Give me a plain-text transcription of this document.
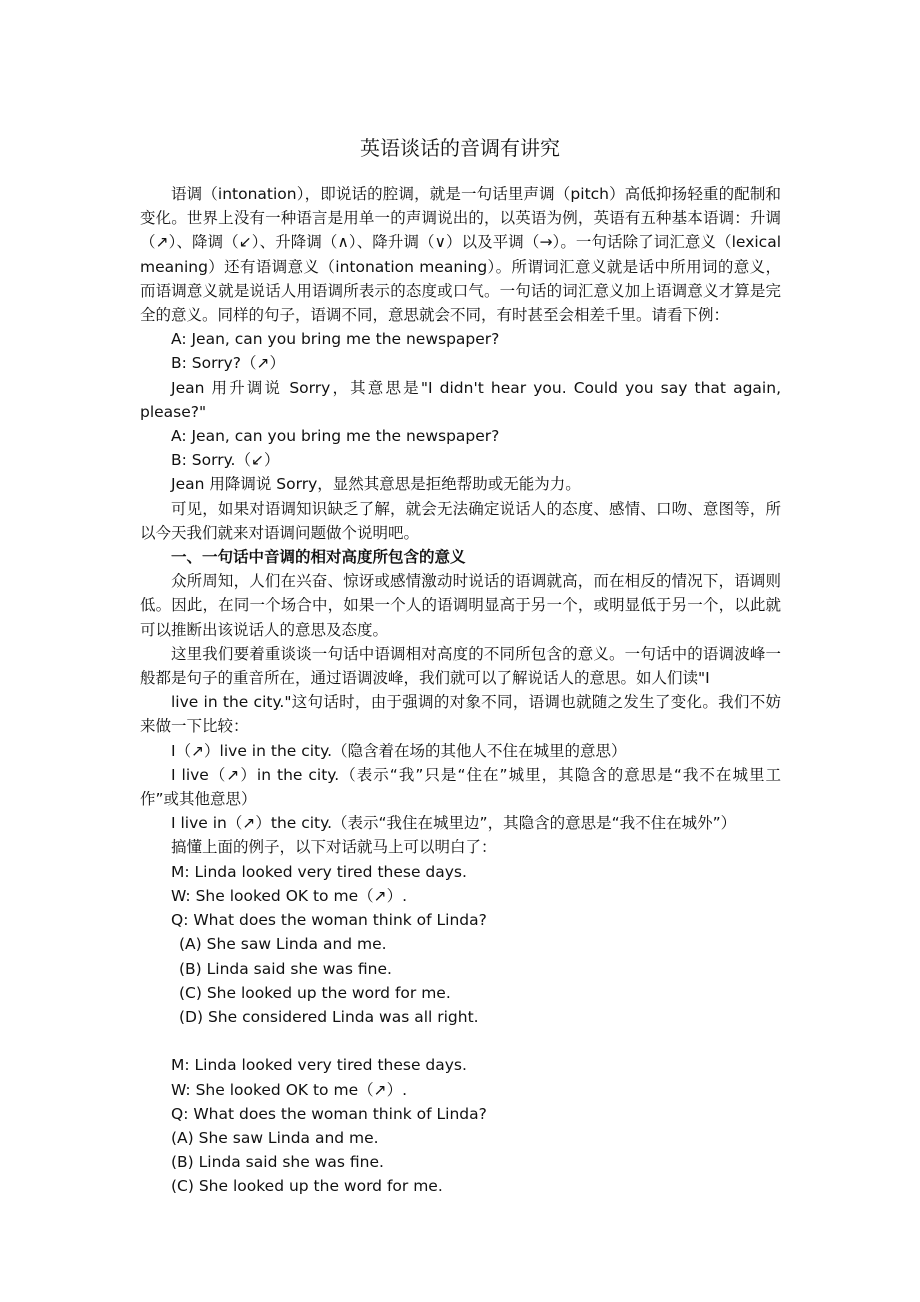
英语谈话的音调有讲究

语调（intonation），即说话的腔调，就是一句话里声调（pitch）高低抑扬轻重的配制和变化。世界上没有一种语言是用单一的声调说出的，以英语为例，英语有五种基本语调：升调（↗）、降调（↙）、升降调（∧）、降升调（∨）以及平调（→）。一句话除了词汇意义（lexical meaning）还有语调意义（intonation meaning）。所谓词汇意义就是话中所用词的意义，而语调意义就是说话人用语调所表示的态度或口气。一句话的词汇意义加上语调意义才算是完全的意义。同样的句子，语调不同，意思就会不同，有时甚至会相差千里。请看下例：

A: Jean, can you bring me the newspaper?

B: Sorry?（↗）

Jean 用升调说 Sorry，其意思是"I didn't hear you. Could you say that again, please?"

A: Jean, can you bring me the newspaper?

B: Sorry.（↙）

Jean 用降调说 Sorry，显然其意思是拒绝帮助或无能为力。

可见，如果对语调知识缺乏了解，就会无法确定说话人的态度、感情、口吻、意图等，所以今天我们就来对语调问题做个说明吧。

一、一句话中音调的相对高度所包含的意义

众所周知，人们在兴奋、惊讶或感情激动时说话的语调就高，而在相反的情况下，语调则低。因此，在同一个场合中，如果一个人的语调明显高于另一个，或明显低于另一个，以此就可以推断出该说话人的意思及态度。

这里我们要着重谈谈一句话中语调相对高度的不同所包含的意义。一句话中的语调波峰一般都是句子的重音所在，通过语调波峰，我们就可以了解说话人的意思。如人们读"I

live in the city."这句话时，由于强调的对象不同，语调也就随之发生了变化。我们不妨来做一下比较：

I（↗）live in the city.（隐含着在场的其他人不住在城里的意思）

I live（↗）in the city.（表示“我”只是“住在”城里，其隐含的意思是“我不在城里工作”或其他意思）

I live in（↗）the city.（表示“我住在城里边”，其隐含的意思是“我不住在城外”）

搞懂上面的例子，以下对话就马上可以明白了：

M: Linda looked very tired these days.

W: She looked OK to me（↗）.

Q: What does the woman think of Linda?

(A) She saw Linda and me.

(B) Linda said she was fine.

(C) She looked up the word for me.

(D) She considered Linda was all right.

M: Linda looked very tired these days.

W: She looked OK to me（↗）.

Q: What does the woman think of Linda?

(A) She saw Linda and me.

(B) Linda said she was fine.

(C) She looked up the word for me.
